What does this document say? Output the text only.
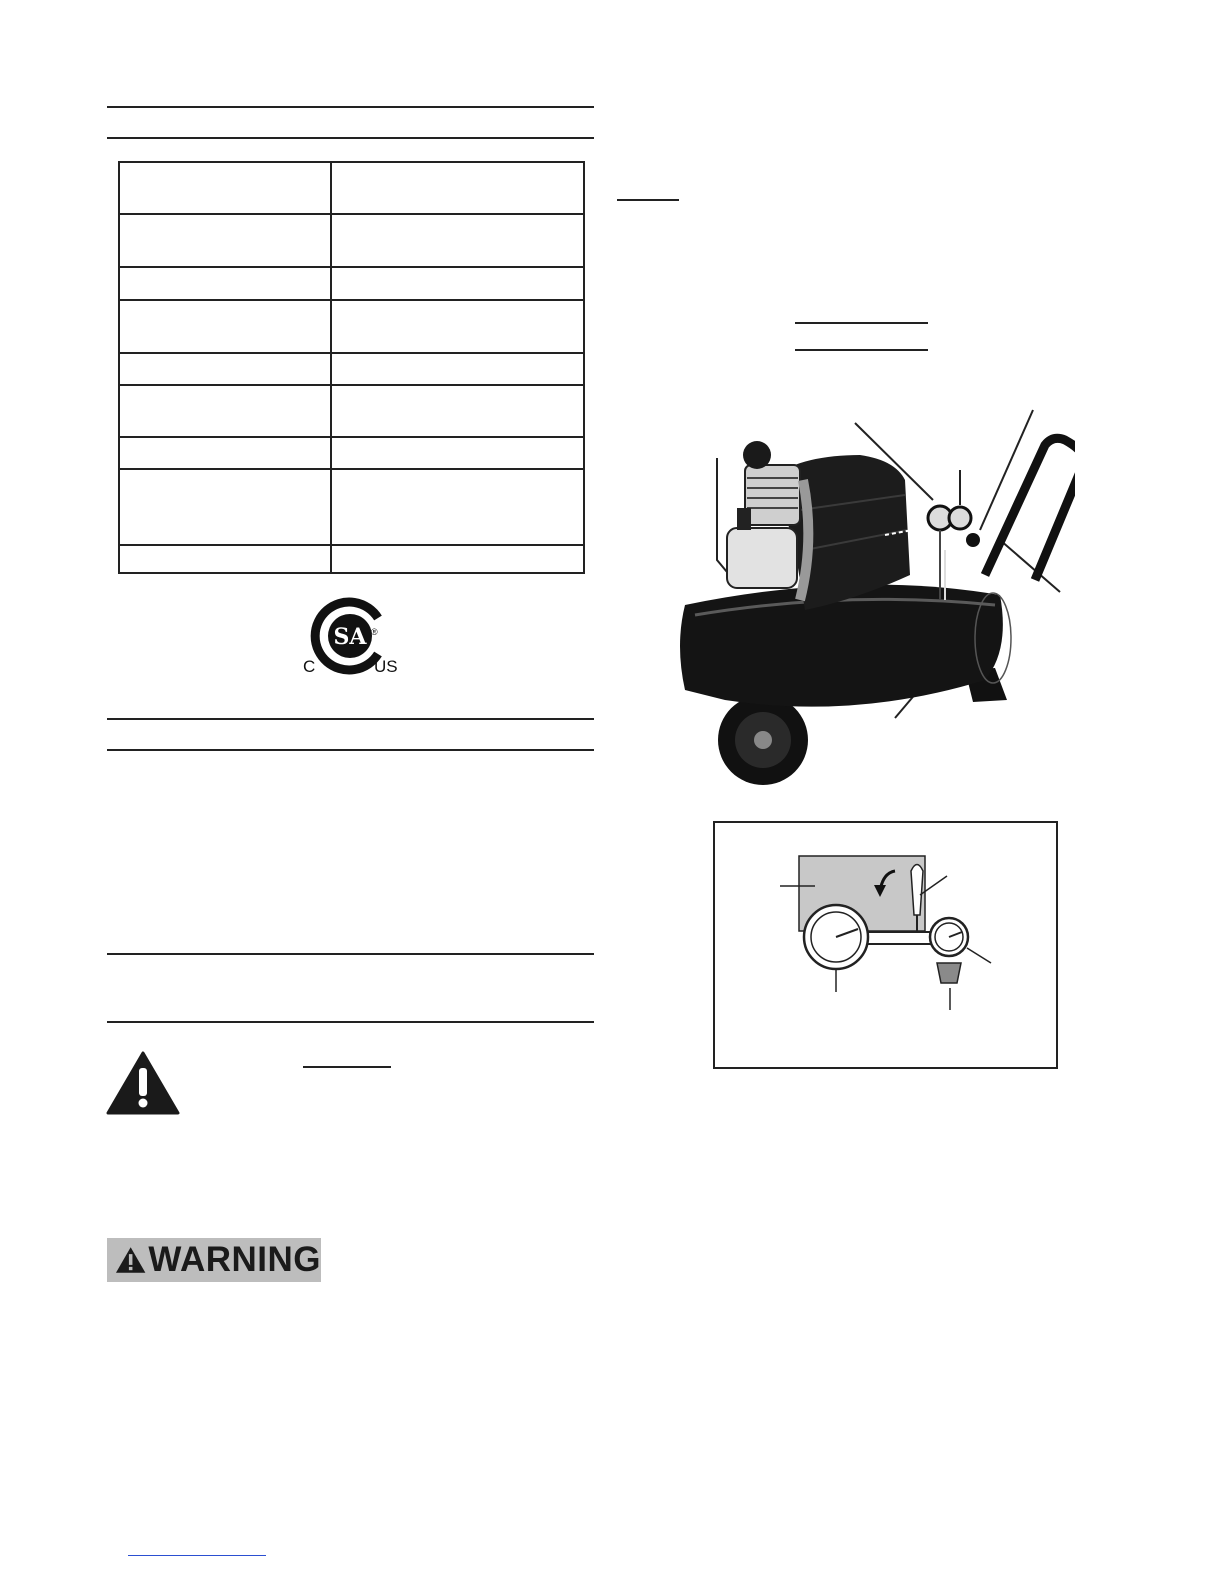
SA ®
C	US
WARNING
